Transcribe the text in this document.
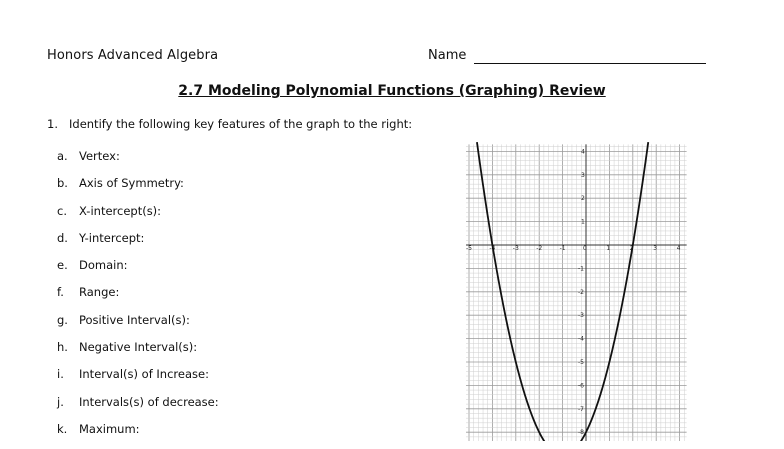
Honors Advanced Algebra	Name
2.7 Modeling Polynomial Functions (Graphing) Review
1. Identify the following key features of the graph to the right:
a. Vertex:
b. Axis of Symmetry:
c. X-intercept(s):
d. Y-intercept:
e. Domain:
f. Range:
g. Positive Interval(s):
h. Negative Interval(s):
i. Interval(s) of Increase:
j. Intervals(s) of decrease:
k. Maximum:
-5	-4	-3	-2	-1	0	1	2	3	4
4
3
2
1
-1
-2
-3
-4
-5
-6
-7
-8
